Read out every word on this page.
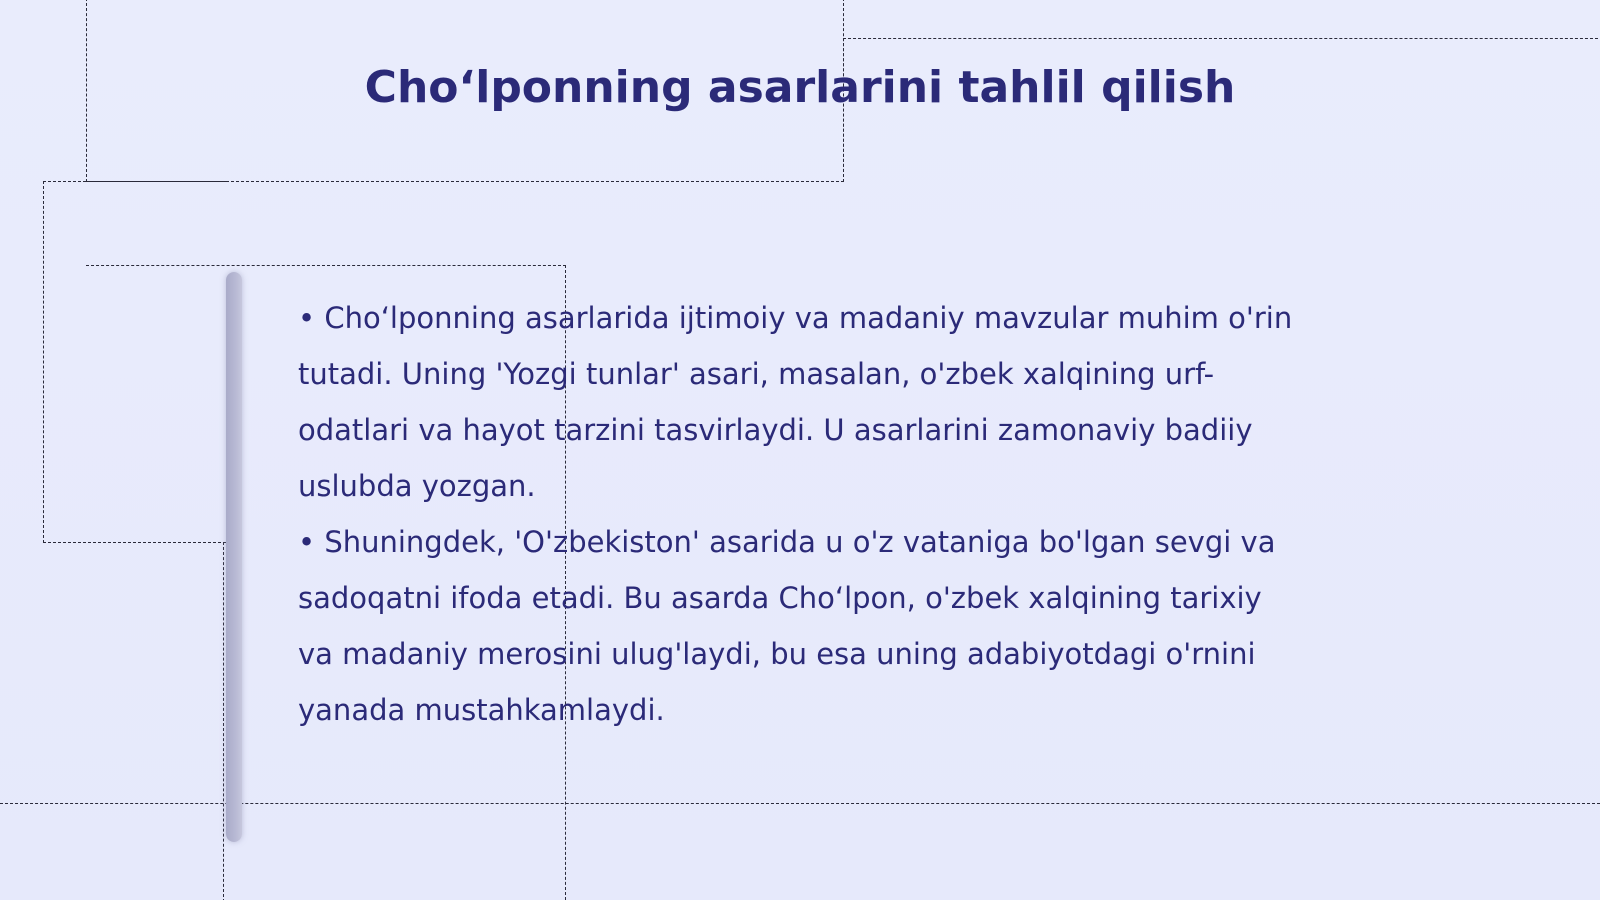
Cho‘lponning asarlarini tahlil qilish

• Cho‘lponning asarlarida ijtimoiy va madaniy mavzular muhim o'rin tutadi. Uning 'Yozgi tunlar' asari, masalan, o'zbek xalqining urf-odatlari va hayot tarzini tasvirlaydi. U asarlarini zamonaviy badiiy uslubda yozgan.

• Shuningdek, 'O'zbekiston' asarida u o'z vataniga bo'lgan sevgi va sadoqatni ifoda etadi. Bu asarda Cho‘lpon, o'zbek xalqining tarixiy va madaniy merosini ulug'laydi, bu esa uning adabiyotdagi o'rnini yanada mustahkamlaydi.
